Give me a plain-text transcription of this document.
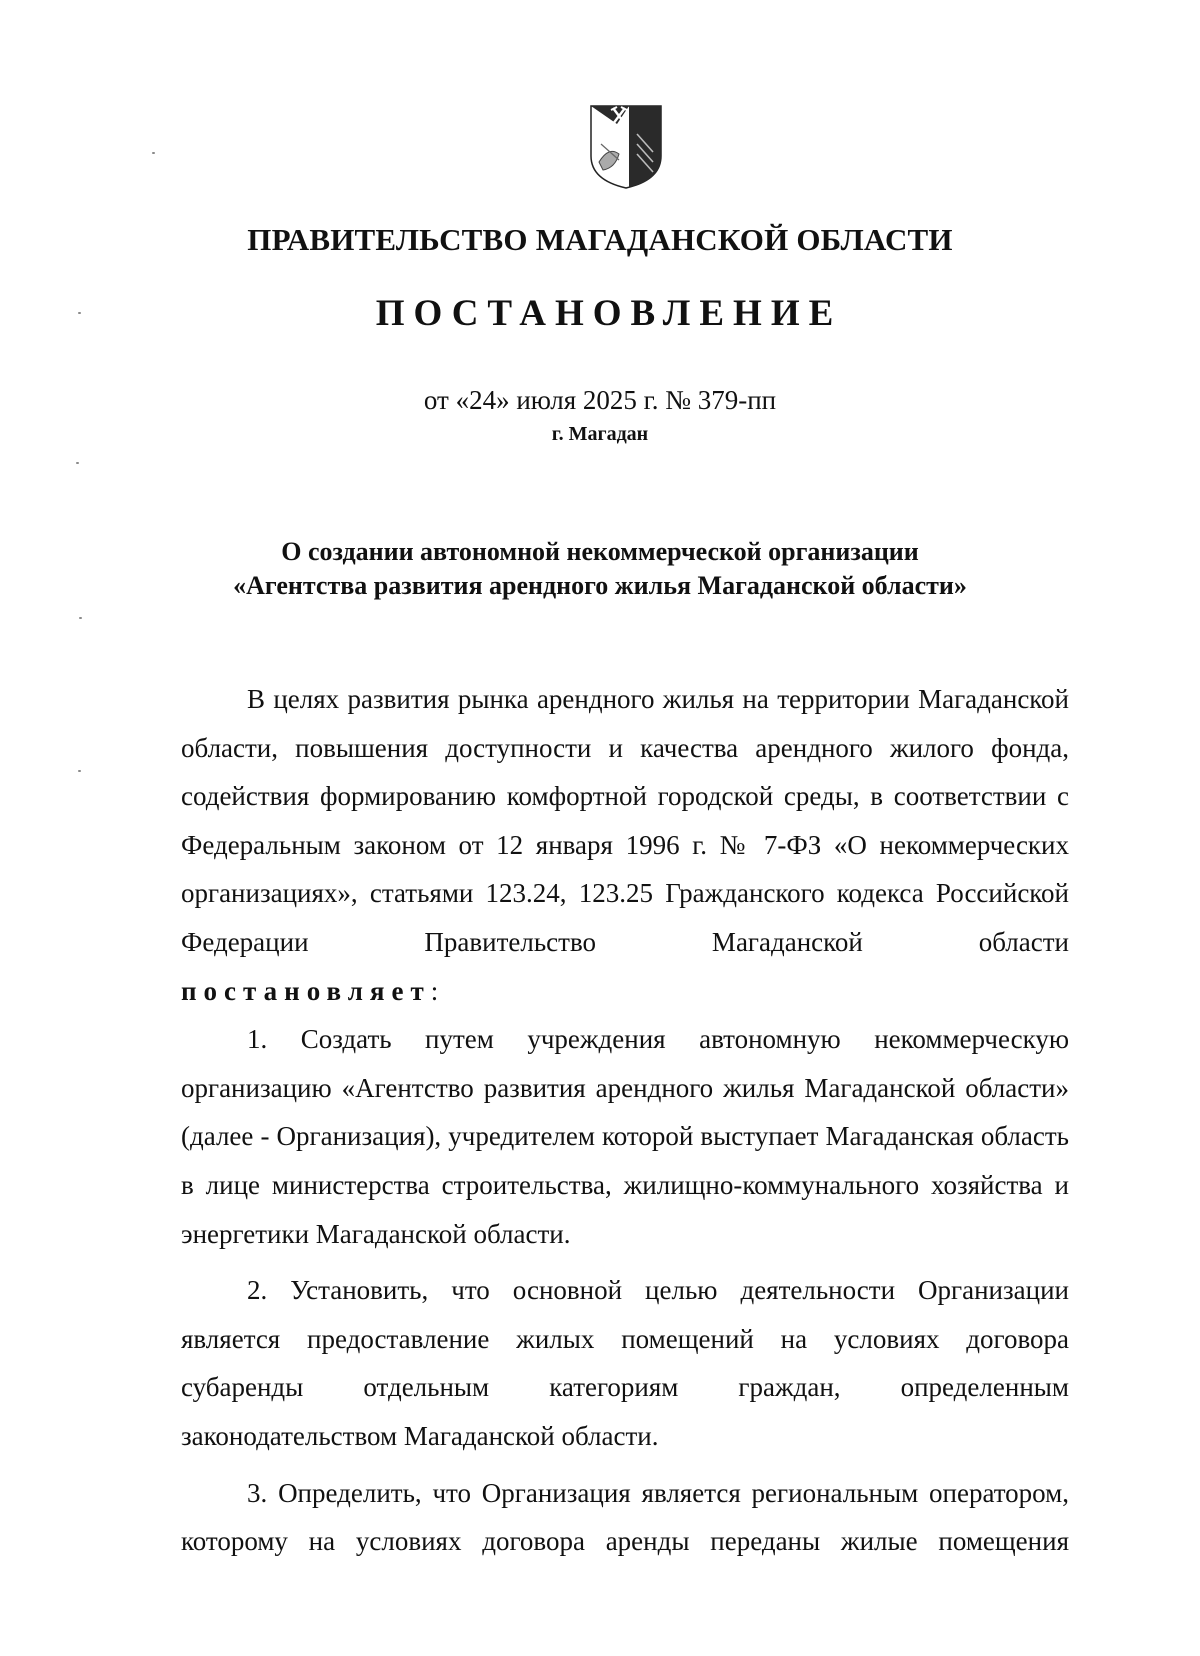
ПРАВИТЕЛЬСТВО МАГАДАНСКОЙ ОБЛАСТИ
ПОСТАНОВЛЕНИЕ
от «24» июля 2025 г. № 379-пп
г. Магадан
О создании автономной некоммерческой организации
«Агентства развития арендного жилья Магаданской области»

В целях развития рынка арендного жилья на территории Магаданской области, повышения доступности и качества арендного жилого фонда, содействия формированию комфортной городской среды, в соответствии с Федеральным законом от 12 января 1996 г. № 7-ФЗ «О некоммерческих организациях», статьями 123.24, 123.25 Гражданского кодекса Российской Федерации Правительство Магаданской области

постановляет:

1. Создать путем учреждения автономную некоммерческую организацию «Агентство развития арендного жилья Магаданской области» (далее - Организация), учредителем которой выступает Магаданская область в лице министерства строительства, жилищно-коммунального хозяйства и энергетики Магаданской области.

2. Установить, что основной целью деятельности Организации является предоставление жилых помещений на условиях договора субаренды отдельным категориям граждан, определенным законодательством Магаданской области.

3. Определить, что Организация является региональным оператором, которому на условиях договора аренды переданы жилые помещения
